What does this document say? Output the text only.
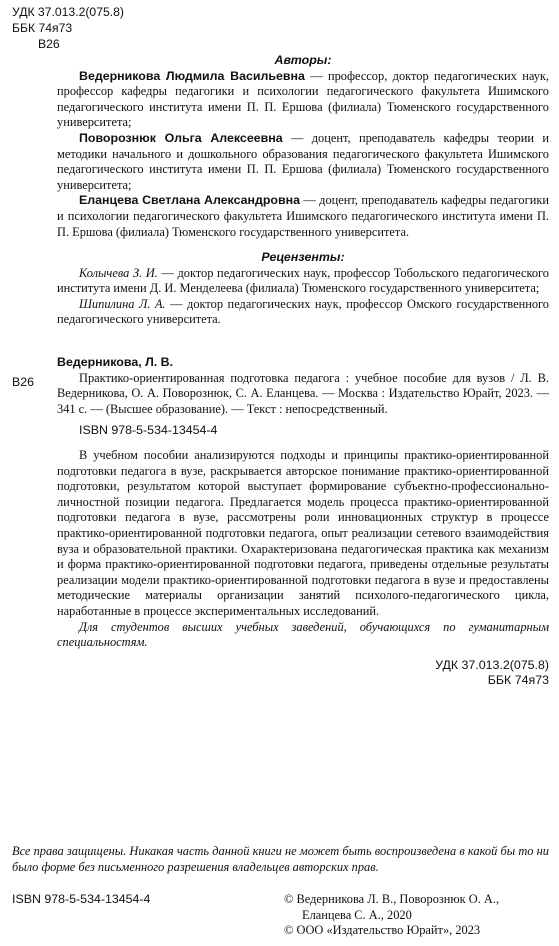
УДК 37.013.2(075.8)
ББК 74я73
В26
Авторы:
Ведерникова Людмила Васильевна — профессор, доктор педагогических наук, профессор кафедры педагогики и психологии педагогического факультета Ишимского педагогического института имени П. П. Ершова (филиала) Тюменского государственного университета;
Поворознюк Ольга Алексеевна — доцент, преподаватель кафедры теории и методики начального и дошкольного образования педагогического факультета Ишимского педагогического института имени П. П. Ершова (филиала) Тюменского государственного университета;
Еланцева Светлана Александровна — доцент, преподаватель кафедры педагогики и психологии педагогического факультета Ишимского педагогического института имени П. П. Ершова (филиала) Тюменского государственного университета.
Рецензенты:
Колычева З. И. — доктор педагогических наук, профессор Тобольского педагогического института имени Д. И. Менделеева (филиала) Тюменского государственного университета;
Шипилина Л. А. — доктор педагогических наук, профессор Омского государственного педагогического университета.
В26
Ведерникова, Л. В.
Практико-ориентированная подготовка педагога : учебное пособие для вузов / Л. В. Ведерникова, О. А. Поворознюк, С. А. Еланцева. — Москва : Издательство Юрайт, 2023. — 341 с. — (Высшее образование). — Текст : непосредственный.
ISBN 978-5-534-13454-4
В учебном пособии анализируются подходы и принципы практико-ориентированной подготовки педагога в вузе, раскрывается авторское понимание практико-ориентированной подготовки, результатом которой выступает формирование субъектно-профессионально-личностной позиции педагога. Предлагается модель процесса практико-ориентированной подготовки педагога в вузе, рассмотрены роли инновационных структур в процессе практико-ориентированной подготовки педагога, опыт реализации сетевого взаимодействия вуза и образовательной практики. Охарактеризована педагогическая практика как механизм и форма практико-ориентированной подготовки педагога, приведены отдельные результаты реализации модели практико-ориентированной подготовки педагога в вузе и предоставлены методические материалы организации занятий психолого-педагогического цикла, наработанные в процессе экспериментальных исследований.
Для студентов высших учебных заведений, обучающихся по гуманитарным специальностям.
УДК 37.013.2(075.8)
ББК 74я73
Все права защищены. Никакая часть данной книги не может быть воспроизведена в какой бы то ни было форме без письменного разрешения владельцев авторских прав.
ISBN 978-5-534-13454-4	© Ведерникова Л. В., Поворознюк О. А.,
Еланцева С. А., 2020
© ООО «Издательство Юрайт», 2023
